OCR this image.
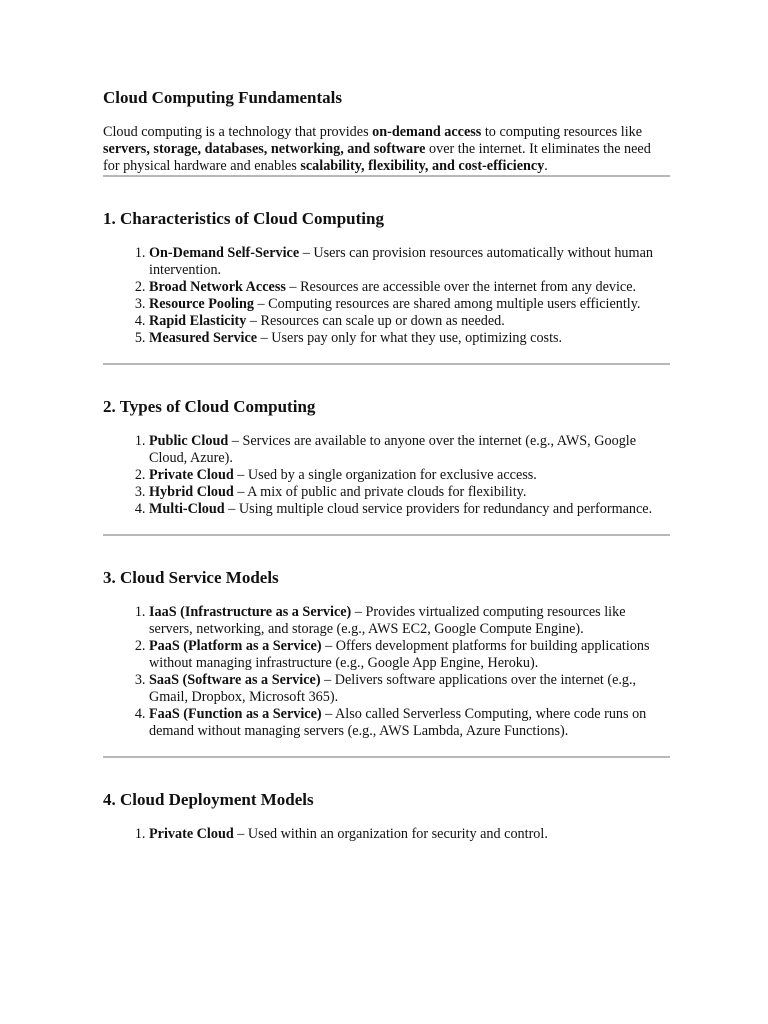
Cloud Computing Fundamentals

Cloud computing is a technology that provides on-demand access to computing resources like servers, storage, databases, networking, and software over the internet. It eliminates the need for physical hardware and enables scalability, flexibility, and cost-efficiency.

1. Characteristics of Cloud Computing
1. On-Demand Self-Service – Users can provision resources automatically without human intervention.
2. Broad Network Access – Resources are accessible over the internet from any device.
3. Resource Pooling – Computing resources are shared among multiple users efficiently.
4. Rapid Elasticity – Resources can scale up or down as needed.
5. Measured Service – Users pay only for what they use, optimizing costs.
2. Types of Cloud Computing
1. Public Cloud – Services are available to anyone over the internet (e.g., AWS, Google Cloud, Azure).
2. Private Cloud – Used by a single organization for exclusive access.
3. Hybrid Cloud – A mix of public and private clouds for flexibility.
4. Multi-Cloud – Using multiple cloud service providers for redundancy and performance.
3. Cloud Service Models
1. IaaS (Infrastructure as a Service) – Provides virtualized computing resources like servers, networking, and storage (e.g., AWS EC2, Google Compute Engine).
2. PaaS (Platform as a Service) – Offers development platforms for building applications without managing infrastructure (e.g., Google App Engine, Heroku).
3. SaaS (Software as a Service) – Delivers software applications over the internet (e.g., Gmail, Dropbox, Microsoft 365).
4. FaaS (Function as a Service) – Also called Serverless Computing, where code runs on demand without managing servers (e.g., AWS Lambda, Azure Functions).
4. Cloud Deployment Models
1. Private Cloud – Used within an organization for security and control.
